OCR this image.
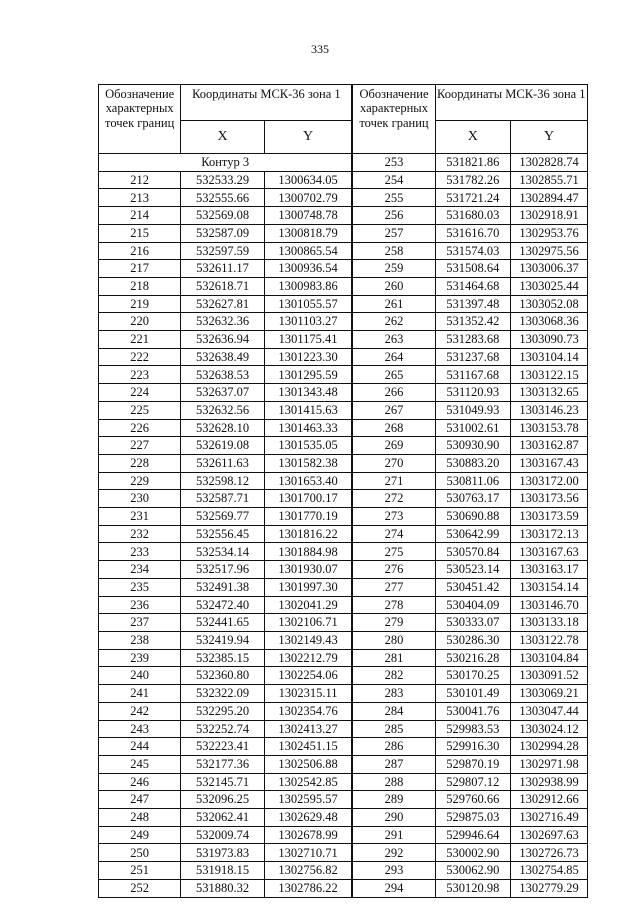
335
Обозначение характерных точек границ	Координаты МСК-36 зона 1	
	X	Y
Контур 3		
212	532533.29	1300634.05
213	532555.66	1300702.79
214	532569.08	1300748.78
215	532587.09	1300818.79
216	532597.59	1300865.54
217	532611.17	1300936.54
218	532618.71	1300983.86
219	532627.81	1301055.57
220	532632.36	1301103.27
221	532636.94	1301175.41
222	532638.49	1301223.30
223	532638.53	1301295.59
224	532637.07	1301343.48
225	532632.56	1301415.63
226	532628.10	1301463.33
227	532619.08	1301535.05
228	532611.63	1301582.38
229	532598.12	1301653.40
230	532587.71	1301700.17
231	532569.77	1301770.19
232	532556.45	1301816.22
233	532534.14	1301884.98
234	532517.96	1301930.07
235	532491.38	1301997.30
236	532472.40	1302041.29
237	532441.65	1302106.71
238	532419.94	1302149.43
239	532385.15	1302212.79
240	532360.80	1302254.06
241	532322.09	1302315.11
242	532295.20	1302354.76
243	532252.74	1302413.27
244	532223.41	1302451.15
245	532177.36	1302506.88
246	532145.71	1302542.85
247	532096.25	1302595.57
248	532062.41	1302629.48
249	532009.74	1302678.99
250	531973.83	1302710.71
251	531918.15	1302756.82
252	531880.32	1302786.22
Обозначение характерных точек границ	Координаты МСК-36 зона 1	
	X	Y
253	531821.86	1302828.74
254	531782.26	1302855.71
255	531721.24	1302894.47
256	531680.03	1302918.91
257	531616.70	1302953.76
258	531574.03	1302975.56
259	531508.64	1303006.37
260	531464.68	1303025.44
261	531397.48	1303052.08
262	531352.42	1303068.36
263	531283.68	1303090.73
264	531237.68	1303104.14
265	531167.68	1303122.15
266	531120.93	1303132.65
267	531049.93	1303146.23
268	531002.61	1303153.78
269	530930.90	1303162.87
270	530883.20	1303167.43
271	530811.06	1303172.00
272	530763.17	1303173.56
273	530690.88	1303173.59
274	530642.99	1303172.13
275	530570.84	1303167.63
276	530523.14	1303163.17
277	530451.42	1303154.14
278	530404.09	1303146.70
279	530333.07	1303133.18
280	530286.30	1303122.78
281	530216.28	1303104.84
282	530170.25	1303091.52
283	530101.49	1303069.21
284	530041.76	1303047.44
285	529983.53	1303024.12
286	529916.30	1302994.28
287	529870.19	1302971.98
288	529807.12	1302938.99
289	529760.66	1302912.66
290	529875.03	1302716.49
291	529946.64	1302697.63
292	530002.90	1302726.73
293	530062.90	1302754.85
294	530120.98	1302779.29
